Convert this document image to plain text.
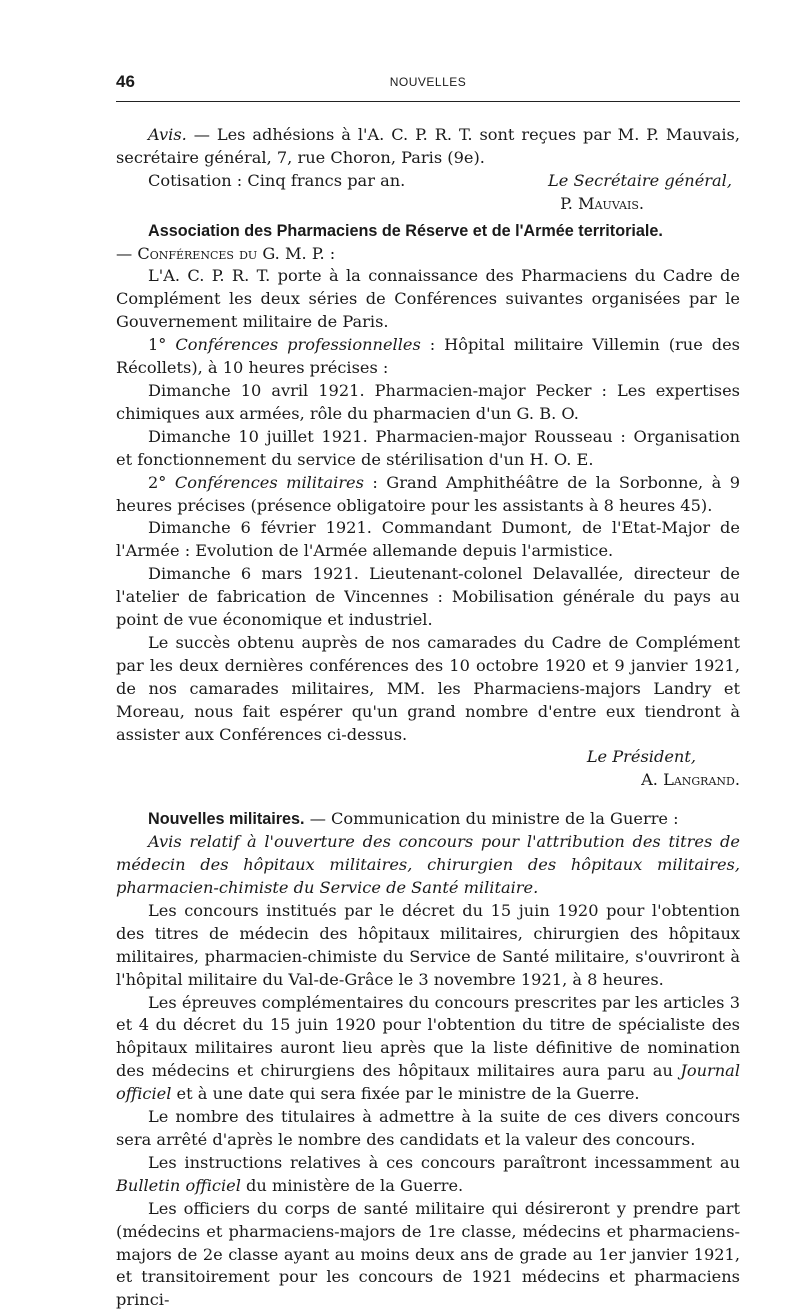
46	NOUVELLES

Avis. — Les adhésions à l'A. C. P. R. T. sont reçues par M. P. Mauvais, secrétaire général, 7, rue Choron, Paris (9e).

Cotisation : Cinq francs par an.	Le Secrétaire général,

P. Mauvais.

Association des Pharmaciens de Réserve et de l'Armée territoriale.

— Conférences du G. M. P. :

L'A. C. P. R. T. porte à la connaissance des Pharmaciens du Cadre de Complément les deux séries de Conférences suivantes organisées par le Gouvernement militaire de Paris.

1° Conférences professionnelles : Hôpital militaire Villemin (rue des Récollets), à 10 heures précises :

Dimanche 10 avril 1921. Pharmacien-major Pecker : Les expertises chimiques aux armées, rôle du pharmacien d'un G. B. O.

Dimanche 10 juillet 1921. Pharmacien-major Rousseau : Organisation et fonctionnement du service de stérilisation d'un H. O. E.

2° Conférences militaires : Grand Amphithéâtre de la Sorbonne, à 9 heures précises (présence obligatoire pour les assistants à 8 heures 45).

Dimanche 6 février 1921. Commandant Dumont, de l'Etat-Major de l'Armée : Evolution de l'Armée allemande depuis l'armistice.

Dimanche 6 mars 1921. Lieutenant-colonel Delavallée, directeur de l'atelier de fabrication de Vincennes : Mobilisation générale du pays au point de vue économique et industriel.

Le succès obtenu auprès de nos camarades du Cadre de Complément par les deux dernières conférences des 10 octobre 1920 et 9 janvier 1921, de nos camarades militaires, MM. les Pharmaciens-majors Landry et Moreau, nous fait espérer qu'un grand nombre d'entre eux tiendront à assister aux Conférences ci-dessus.

Le Président,

A. Langrand.

Nouvelles militaires. — Communication du ministre de la Guerre :

Avis relatif à l'ouverture des concours pour l'attribution des titres de médecin des hôpitaux militaires, chirurgien des hôpitaux militaires, pharmacien-chimiste du Service de Santé militaire.

Les concours institués par le décret du 15 juin 1920 pour l'obtention des titres de médecin des hôpitaux militaires, chirurgien des hôpitaux militaires, pharmacien-chimiste du Service de Santé militaire, s'ouvriront à l'hôpital militaire du Val-de-Grâce le 3 novembre 1921, à 8 heures.

Les épreuves complémentaires du concours prescrites par les articles 3 et 4 du décret du 15 juin 1920 pour l'obtention du titre de spécialiste des hôpitaux militaires auront lieu après que la liste définitive de nomination des médecins et chirurgiens des hôpitaux militaires aura paru au Journal officiel et à une date qui sera fixée par le ministre de la Guerre.

Le nombre des titulaires à admettre à la suite de ces divers concours sera arrêté d'après le nombre des candidats et la valeur des concours.

Les instructions relatives à ces concours paraîtront incessamment au Bulletin officiel du ministère de la Guerre.

Les officiers du corps de santé militaire qui désireront y prendre part (médecins et pharmaciens-majors de 1re classe, médecins et pharmaciens-majors de 2e classe ayant au moins deux ans de grade au 1er janvier 1921, et transitoirement pour les concours de 1921 médecins et pharmaciens princi-
